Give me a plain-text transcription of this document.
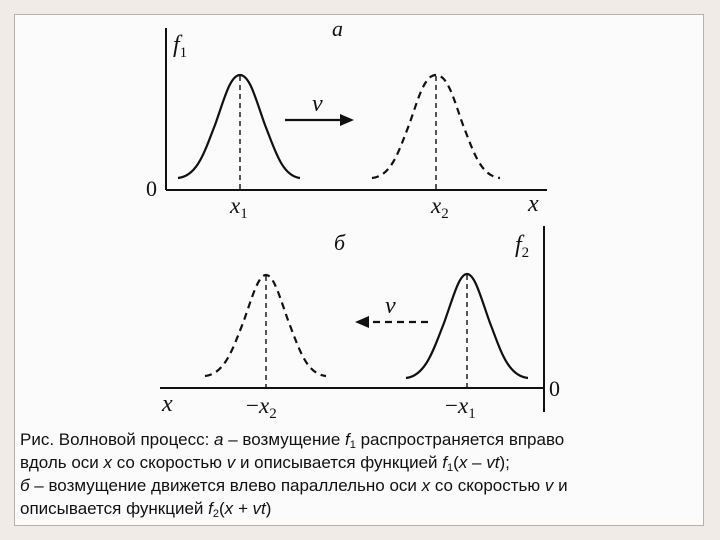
a
$f_1$
0
x
$x_1$	$x_2$
v
б	$f_2$
0
x	$-x_2$	$-x_1$
v
Рис. Волновой процесс: а – возмущение $f_1$ распространяется вправо
вдоль оси x со скоростью v и описывается функцией $f_1(x - vt)$;
б – возмущение движется влево параллельно оси x со скоростью v и
описывается функцией $f_2(x + vt)$
